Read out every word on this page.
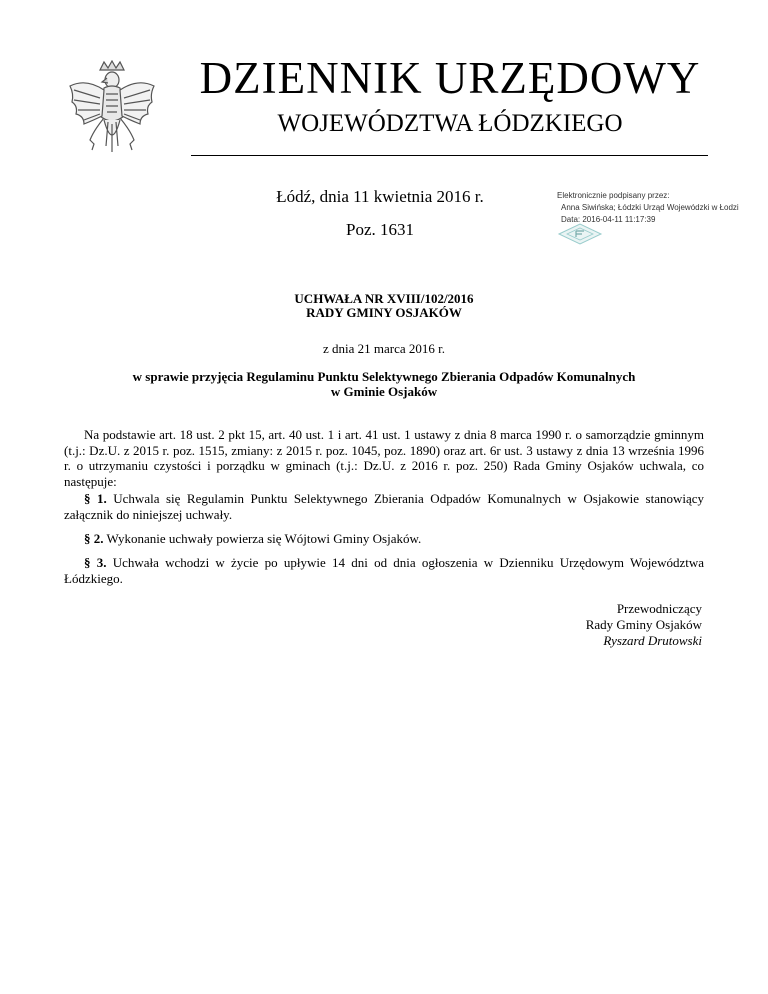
DZIENNIK URZĘDOWY
WOJEWÓDZTWA ŁÓDZKIEGO
Łódź, dnia 11 kwietnia 2016 r.
Poz. 1631
Elektronicznie podpisany przez:
Anna Siwińska; Łódzki Urząd Wojewódzki w Łodzi
Data: 2016-04-11 11:17:39
UCHWAŁA NR XVIII/102/2016
RADY GMINY OSJAKÓW
z dnia 21 marca 2016 r.
w sprawie przyjęcia Regulaminu Punktu Selektywnego Zbierania Odpadów Komunalnych
w Gminie Osjaków

Na podstawie art. 18 ust. 2 pkt 15, art. 40 ust. 1 i art. 41 ust. 1 ustawy z dnia 8 marca 1990 r. o samorządzie gminnym (t.j.: Dz.U. z 2015 r. poz. 1515, zmiany: z 2015 r. poz. 1045, poz. 1890) oraz art. 6r ust. 3 ustawy z dnia 13 września 1996 r. o utrzymaniu czystości i porządku w gminach (t.j.: Dz.U. z 2016 r. poz. 250) Rada Gminy Osjaków uchwala, co następuje:

§ 1. Uchwala się Regulamin Punktu Selektywnego Zbierania Odpadów Komunalnych w Osjakowie stanowiący załącznik do niniejszej uchwały.

§ 2. Wykonanie uchwały powierza się Wójtowi Gminy Osjaków.

§ 3. Uchwała wchodzi w życie po upływie 14 dni od dnia ogłoszenia w Dzienniku Urzędowym Województwa Łódzkiego.

Przewodniczący
Rady Gminy Osjaków
Ryszard Drutowski
